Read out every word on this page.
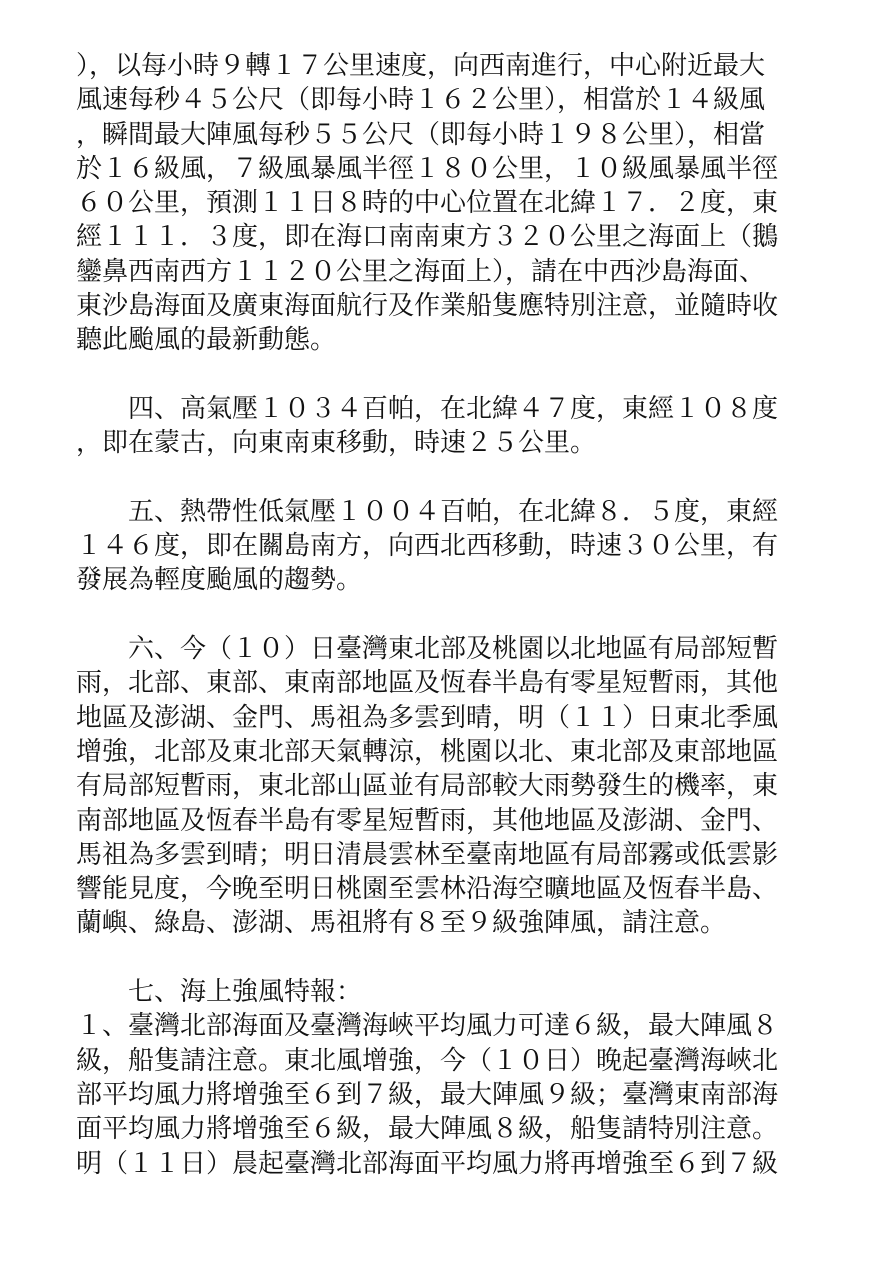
），以每小時９轉１７公里速度，向西南進行，中心附近最大
風速每秒４５公尺（即每小時１６２公里），相當於１４級風
，瞬間最大陣風每秒５５公尺（即每小時１９８公里），相當
於１６級風，７級風暴風半徑１８０公里，１０級風暴風半徑
６０公里，預測１１日８時的中心位置在北緯１７．２度，東
經１１１．３度，即在海口南南東方３２０公里之海面上（鵝
鑾鼻西南西方１１２０公里之海面上），請在中西沙島海面、
東沙島海面及廣東海面航行及作業船隻應特別注意，並隨時收
聽此颱風的最新動態。
　　四、高氣壓１０３４百帕，在北緯４７度，東經１０８度
，即在蒙古，向東南東移動，時速２５公里。
　　五、熱帶性低氣壓１００４百帕，在北緯８．５度，東經
１４６度，即在關島南方，向西北西移動，時速３０公里，有
發展為輕度颱風的趨勢。
　　六、今（１０）日臺灣東北部及桃園以北地區有局部短暫
雨，北部、東部、東南部地區及恆春半島有零星短暫雨，其他
地區及澎湖、金門、馬祖為多雲到晴，明（１１）日東北季風
增強，北部及東北部天氣轉涼，桃園以北、東北部及東部地區
有局部短暫雨，東北部山區並有局部較大雨勢發生的機率，東
南部地區及恆春半島有零星短暫雨，其他地區及澎湖、金門、
馬祖為多雲到晴；明日清晨雲林至臺南地區有局部霧或低雲影
響能見度，今晚至明日桃園至雲林沿海空曠地區及恆春半島、
蘭嶼、綠島、澎湖、馬祖將有８至９級強陣風，請注意。
　　七、海上強風特報：
１、臺灣北部海面及臺灣海峽平均風力可達６級，最大陣風８
級，船隻請注意。東北風增強，今（１０日）晚起臺灣海峽北
部平均風力將增強至６到７級，最大陣風９級；臺灣東南部海
面平均風力將增強至６級，最大陣風８級，船隻請特別注意。
明（１１日）晨起臺灣北部海面平均風力將再增強至６到７級
